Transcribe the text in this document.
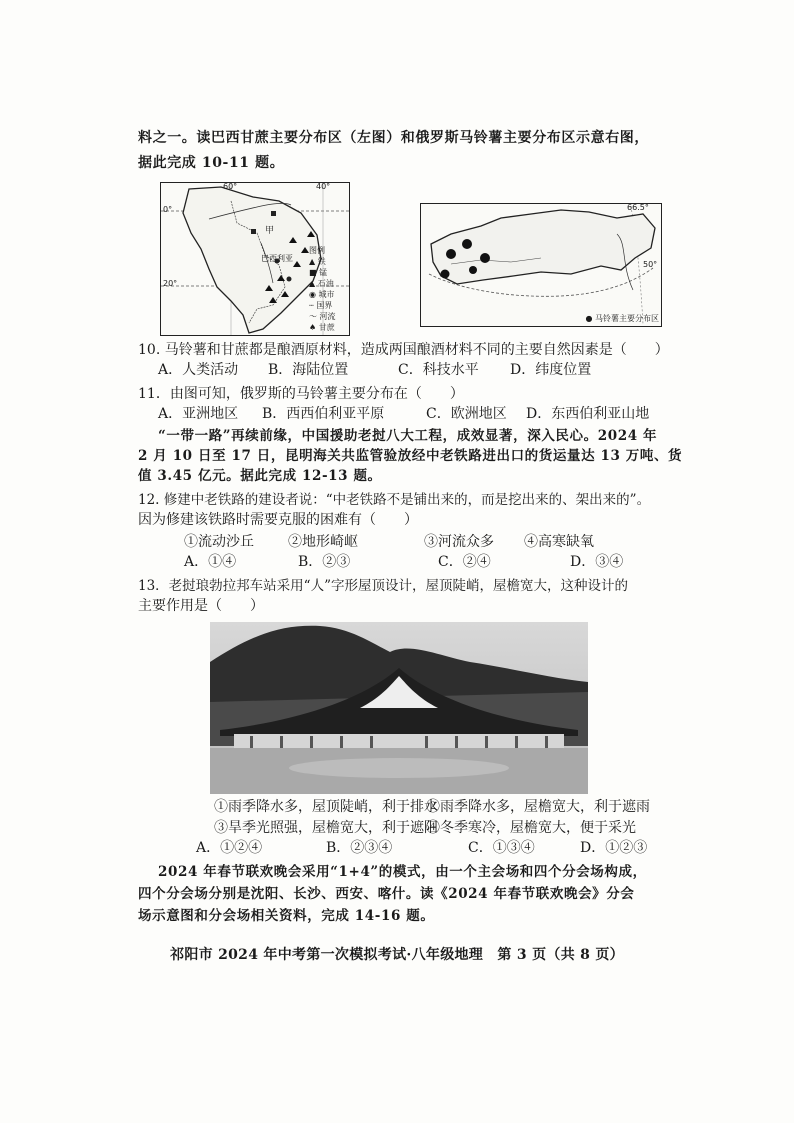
料之一。读巴西甘蔗主要分布区（左图）和俄罗斯马铃薯主要分布区示意右图，
据此完成 10-11 题。
60°	40°
0°
20°
甲
巴西利亚
图例
▲ 铁
■ 锰
▲ 石油
◉ 城市
┄ 国界
～ 河流
♠ 甘蔗
66.5°
50°
● 马铃薯主要分布区
10. 马铃薯和甘蔗都是酿酒原材料，造成两国酿酒材料不同的主要自然因素是（　　）
A．人类活动 B．海陆位置	C．科技水平 D．纬度位置
11．由图可知，俄罗斯的马铃薯主要分布在（　　）
A．亚洲地区 B．西西伯利亚平原	C．欧洲地区 D．东西伯利亚山地
“一带一路”再续前缘，中国援助老挝八大工程，成效显著，深入民心。2024 年
2 月 10 日至 17 日，昆明海关共监管验放经中老铁路进出口的货运量达 13 万吨、货
值 3.45 亿元。据此完成 12-13 题。
12. 修建中老铁路的建设者说：“中老铁路不是铺出来的，而是挖出来的、架出来的”。
因为修建该铁路时需要克服的困难有（　　）
①流动沙丘 ②地形崎岖	③河流众多 ④高寒缺氧
A．①④	B．②③	C．②④	D．③④
13．老挝琅勃拉邦车站采用“人”字形屋顶设计，屋顶陡峭，屋檐宽大，这种设计的
主要作用是（　　）
①雨季降水多，屋顶陡峭，利于排水
②雨季降水多，屋檐宽大，利于遮雨
③旱季光照强，屋檐宽大，利于遮阳
④冬季寒冷，屋檐宽大，便于采光
A．①②④	B．②③④	C．①③④	D．①②③
2024 年春节联欢晚会采用“1+4”的模式，由一个主会场和四个分会场构成，
四个分会场分别是沈阳、长沙、西安、喀什。读《2024 年春节联欢晚会》分会
场示意图和分会场相关资料，完成 14-16 题。
祁阳市 2024 年中考第一次模拟考试·八年级地理　第 3 页（共 8 页）
